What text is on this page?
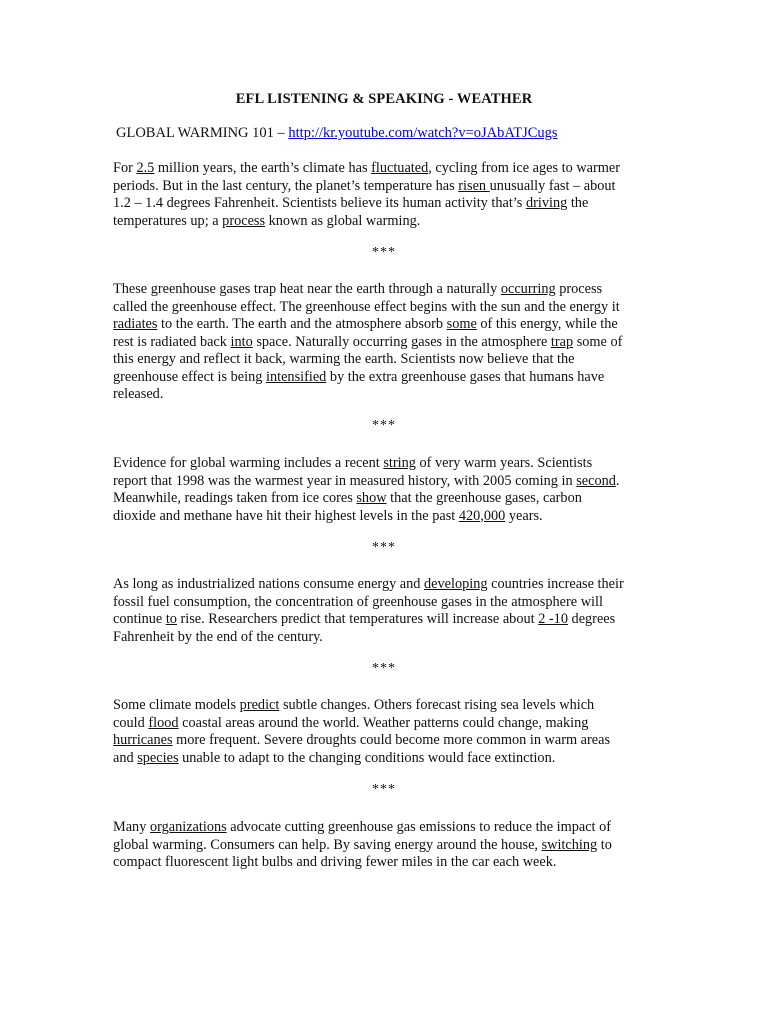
EFL LISTENING & SPEAKING - WEATHER
GLOBAL WARMING 101 – http://kr.youtube.com/watch?v=oJAbATJCugs

For 2.5 million years, the earth’s climate has fluctuated, cycling from ice ages to warmer
periods. But in the last century, the planet’s temperature has risen unusually fast – about
1.2 – 1.4 degrees Fahrenheit. Scientists believe its human activity that’s driving the
temperatures up; a process known as global warming.

***

These greenhouse gases trap heat near the earth through a naturally occurring process
called the greenhouse effect. The greenhouse effect begins with the sun and the energy it
radiates to the earth. The earth and the atmosphere absorb some of this energy, while the
rest is radiated back into space. Naturally occurring gases in the atmosphere trap some of
this energy and reflect it back, warming the earth. Scientists now believe that the
greenhouse effect is being intensified by the extra greenhouse gases that humans have
released.

***

Evidence for global warming includes a recent string of very warm years. Scientists
report that 1998 was the warmest year in measured history, with 2005 coming in second.
Meanwhile, readings taken from ice cores show that the greenhouse gases, carbon
dioxide and methane have hit their highest levels in the past 420,000 years.

***

As long as industrialized nations consume energy and developing countries increase their
fossil fuel consumption, the concentration of greenhouse gases in the atmosphere will
continue to rise. Researchers predict that temperatures will increase about 2 -10 degrees
Fahrenheit by the end of the century.

***

Some climate models predict subtle changes. Others forecast rising sea levels which
could flood coastal areas around the world. Weather patterns could change, making
hurricanes more frequent. Severe droughts could become more common in warm areas
and species unable to adapt to the changing conditions would face extinction.

***

Many organizations advocate cutting greenhouse gas emissions to reduce the impact of
global warming. Consumers can help. By saving energy around the house, switching to
compact fluorescent light bulbs and driving fewer miles in the car each week.
